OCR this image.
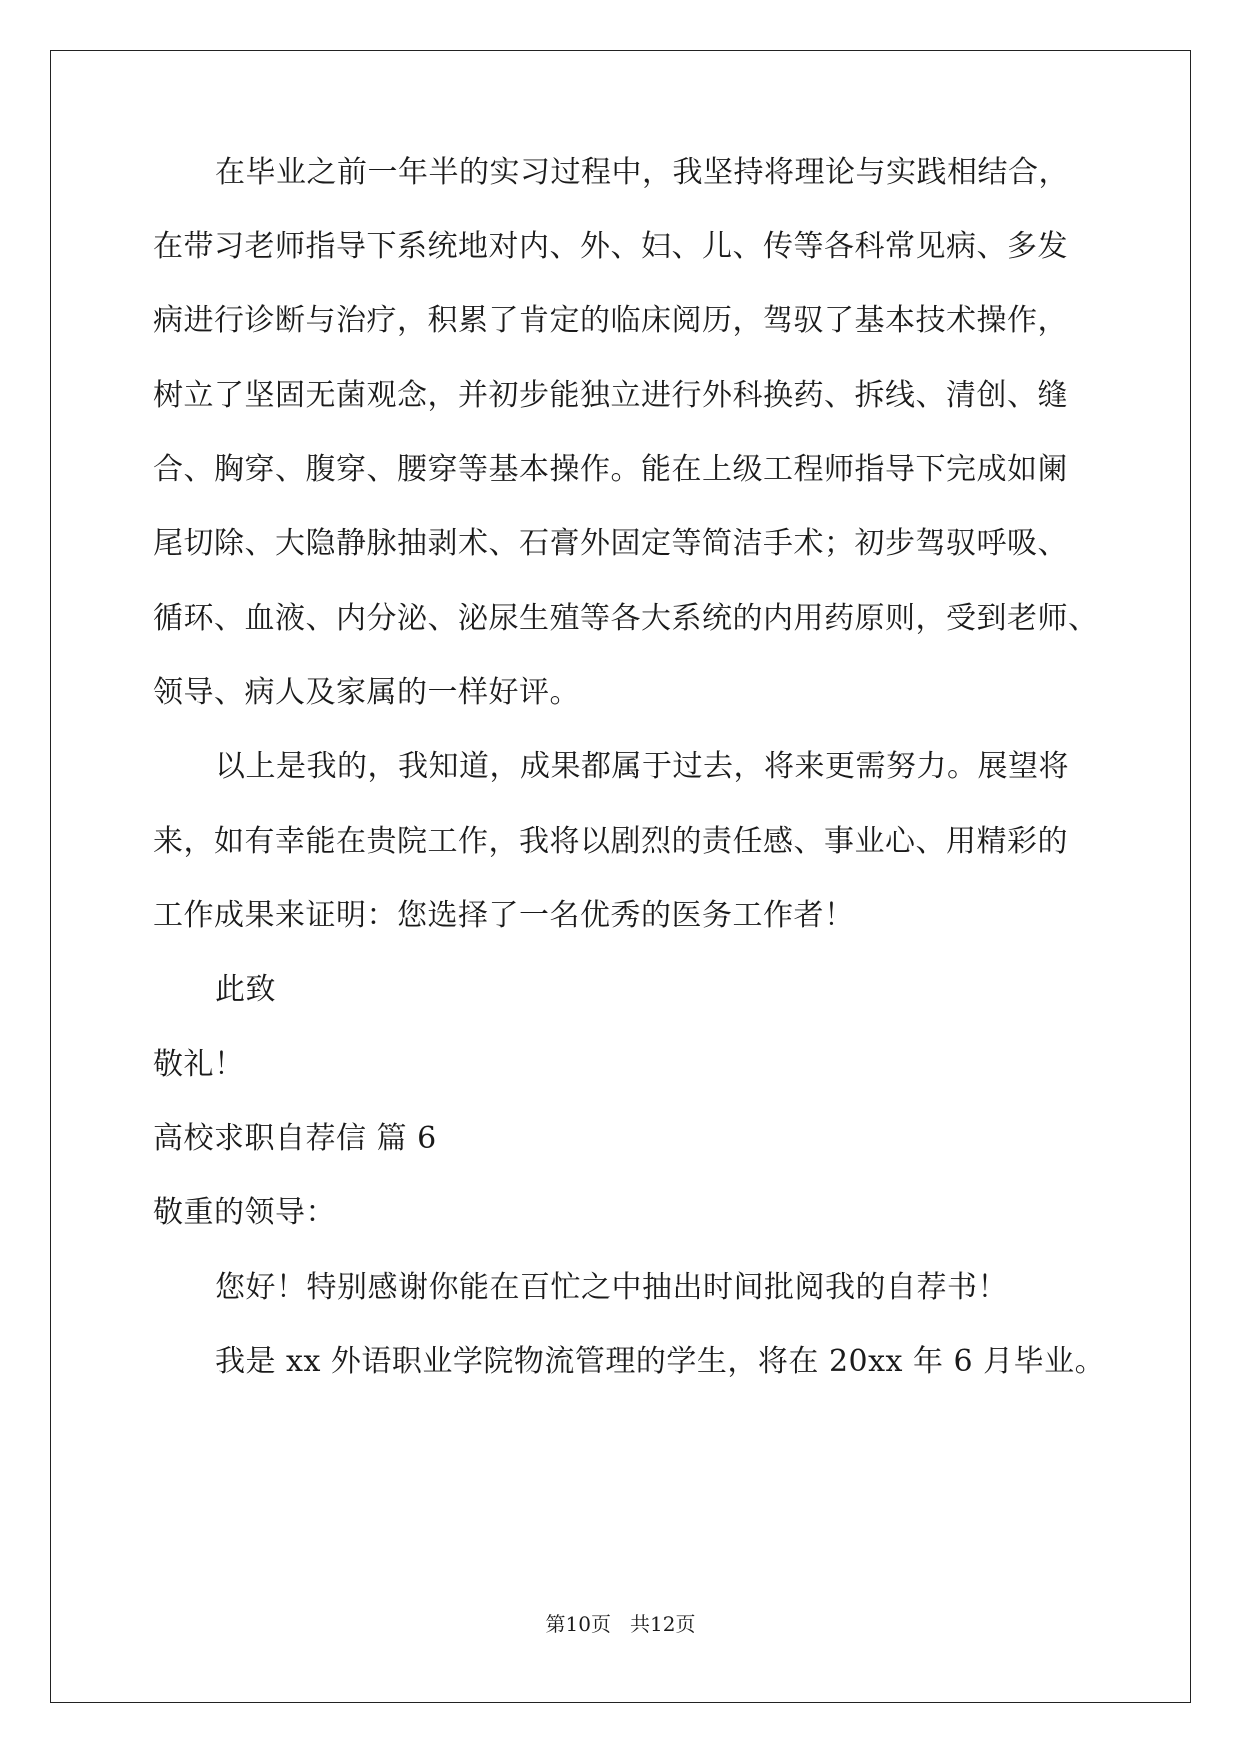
在毕业之前一年半的实习过程中，我坚持将理论与实践相结合，
在带习老师指导下系统地对内、外、妇、儿、传等各科常见病、多发
病进行诊断与治疗，积累了肯定的临床阅历，驾驭了基本技术操作，
树立了坚固无菌观念，并初步能独立进行外科换药、拆线、清创、缝
合、胸穿、腹穿、腰穿等基本操作。能在上级工程师指导下完成如阑
尾切除、大隐静脉抽剥术、石膏外固定等简洁手术；初步驾驭呼吸、
循环、血液、内分泌、泌尿生殖等各大系统的内用药原则，受到老师、
领导、病人及家属的一样好评。
以上是我的，我知道，成果都属于过去，将来更需努力。展望将
来，如有幸能在贵院工作，我将以剧烈的责任感、事业心、用精彩的
工作成果来证明：您选择了一名优秀的医务工作者！
此致
敬礼！
高校求职自荐信 篇 6
敬重的领导：
您好！特别感谢你能在百忙之中抽出时间批阅我的自荐书！
我是 xx 外语职业学院物流管理的学生，将在 20xx 年 6 月毕业。
第10页   共12页
